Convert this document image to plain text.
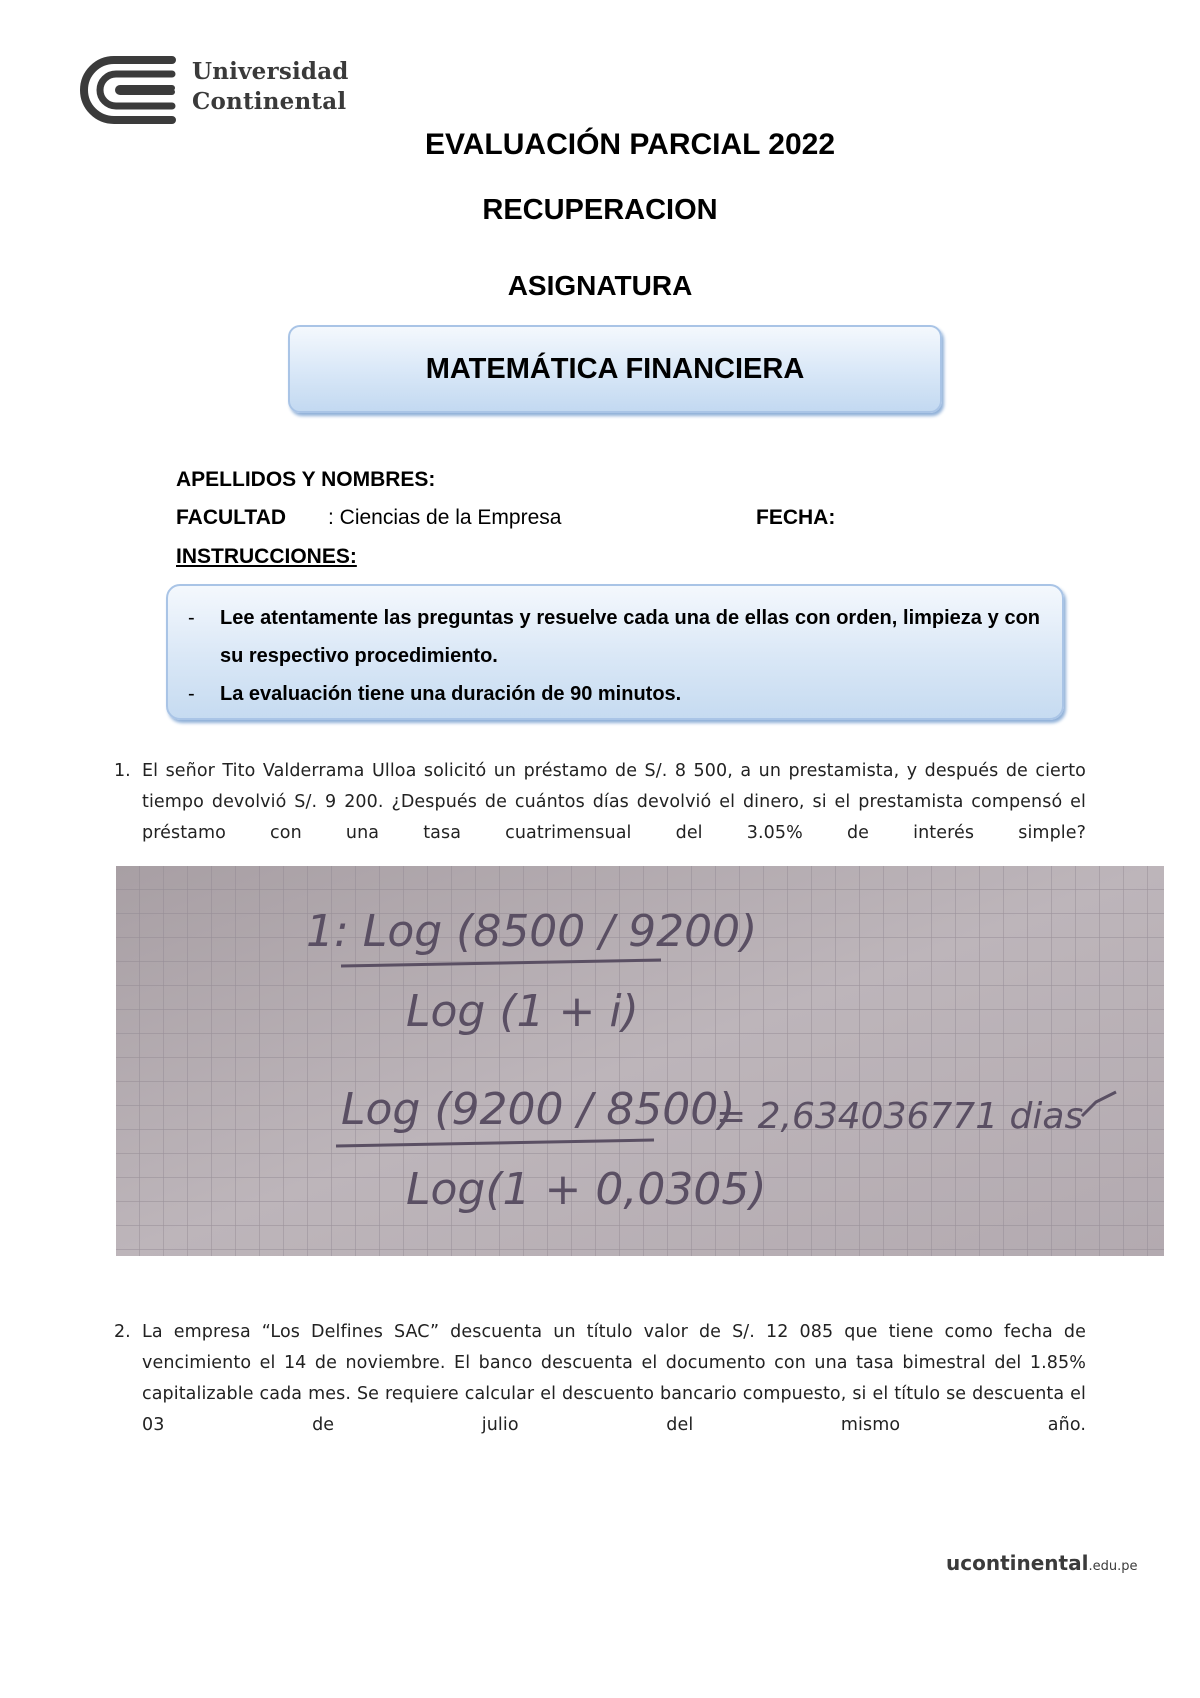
Universidad
Continental
EVALUACIÓN PARCIAL 2022
RECUPERACION
ASIGNATURA
MATEMÁTICA FINANCIERA
APELLIDOS Y NOMBRES:
FACULTAD : Ciencias de la Empresa	FECHA:
INSTRUCCIONES:
-	Lee atentamente las preguntas y resuelve cada una de ellas con orden, limpieza y con su respectivo procedimiento.
-	La evaluación tiene una duración de 90 minutos.
1. El señor Tito Valderrama Ulloa solicitó un préstamo de S/. 8 500, a un prestamista, y después de cierto
tiempo devolvió S/. 9 200. ¿Después de cuántos días devolvió el dinero, si el prestamista compensó el
préstamo con una tasa cuatrimensual del 3.05% de interés simple?
1: Log (8500 / 9200)
Log (1 + i)
Log (9200 / 8500)
Log(1 + 0,0305)
= 2,634036771 dias
2. La empresa “Los Delfines SAC” descuenta un título valor de S/. 12 085 que tiene como fecha de
vencimiento el 14 de noviembre. El banco descuenta el documento con una tasa bimestral del 1.85%
capitalizable cada mes. Se requiere calcular el descuento bancario compuesto, si el título se descuenta el
03 de julio del mismo año.
ucontinental.edu.pe
